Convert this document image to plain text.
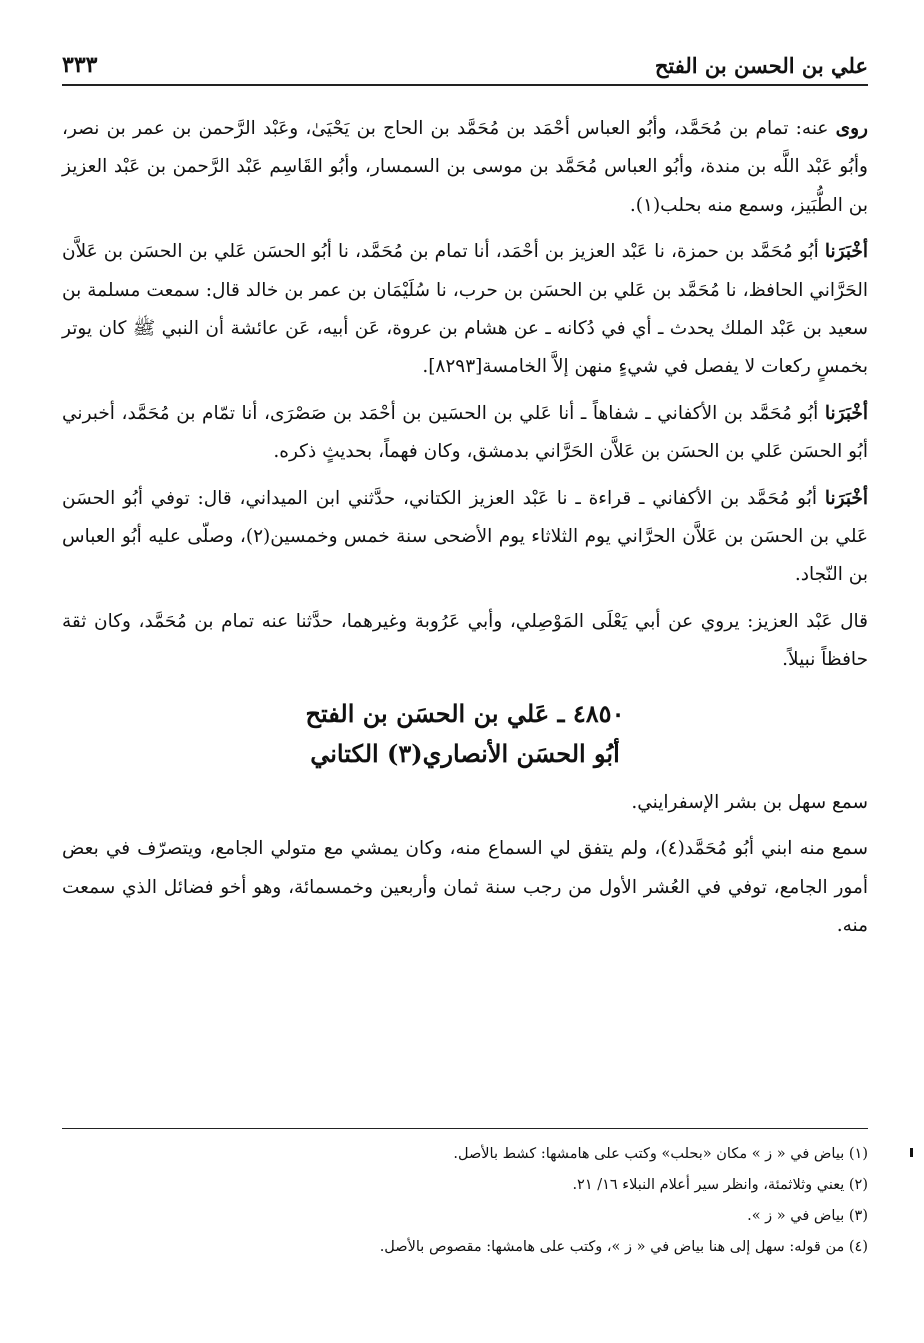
علي بن الحسن بن الفتح
٣٣٣

روى عنه: تمام بن مُحَمَّد، وأبُو العباس أحْمَد بن مُحَمَّد بن الحاج بن يَحْيَىٰ، وعَبْد الرَّحمن بن عمر بن نصر، وأبُو عَبْد اللَّه بن مندة، وأبُو العباس مُحَمَّد بن موسى بن السمسار، وأبُو القَاسِم عَبْد الرَّحمن بن عَبْد العزيز بن الطُّبَيز، وسمع منه بحلب(١).

أخْبَرَنا أبُو مُحَمَّد بن حمزة، نا عَبْد العزيز بن أحْمَد، أنا تمام بن مُحَمَّد، نا أبُو الحسَن عَلي بن الحسَن بن عَلاَّن الحَرَّاني الحافظ، نا مُحَمَّد بن عَلي بن الحسَن بن حرب، نا سُلَيْمَان بن عمر بن خالد قال: سمعت مسلمة بن سعيد بن عَبْد الملك يحدث ـ أي في دُكانه ـ عن هشام بن عروة، عَن أبيه، عَن عائشة أن النبي ﷺ كان يوتر بخمسٍ ركعات لا يفصل في شيءٍ منهن إلاَّ الخامسة[٨٢٩٣].

أخْبَرَنا أبُو مُحَمَّد بن الأكفاني ـ شفاهاً ـ أنا عَلي بن الحسَين بن أحْمَد بن صَصْرَى، أنا تمّام بن مُحَمَّد، أخبرني أبُو الحسَن عَلي بن الحسَن بن عَلاَّن الحَرَّاني بدمشق، وكان فهماً، بحديثٍ ذكره.

أخْبَرَنا أبُو مُحَمَّد بن الأكفاني ـ قراءة ـ نا عَبْد العزيز الكتاني، حدَّثني ابن الميداني، قال: توفي أبُو الحسَن عَلي بن الحسَن بن عَلاَّن الحرَّاني يوم الثلاثاء يوم الأضحى سنة خمس وخمسين(٢)، وصلّى عليه أبُو العباس بن النّجاد.

قال عَبْد العزيز: يروي عن أبي يَعْلَى المَوْصِلي، وأبي عَرُوبة وغيرهما، حدَّثنا عنه تمام بن مُحَمَّد، وكان ثقة حافظاً نبيلاً.

٤٨٥٠ ـ عَلي بن الحسَن بن الفتح
أبُو الحسَن الأنصاري(٣) الكتاني

سمع سهل بن بشر الإسفرايني.

سمع منه ابني أبُو مُحَمَّد(٤)، ولم يتفق لي السماع منه، وكان يمشي مع متولي الجامع، ويتصرّف في بعض أمور الجامع، توفي في العُشر الأول من رجب سنة ثمان وأربعين وخمسمائة، وهو أخو فضائل الذي سمعت منه.

(١) بياض في « ز » مكان «بحلب» وكتب على هامشها: كشط بالأصل.
(٢) يعني وثلاثمئة، وانظر سير أعلام النبلاء ١٦/ ٢١.
(٣) بياض في « ز ».
(٤) من قوله: سهل إلى هنا بياض في « ز »، وكتب على هامشها: مقصوص بالأصل.
